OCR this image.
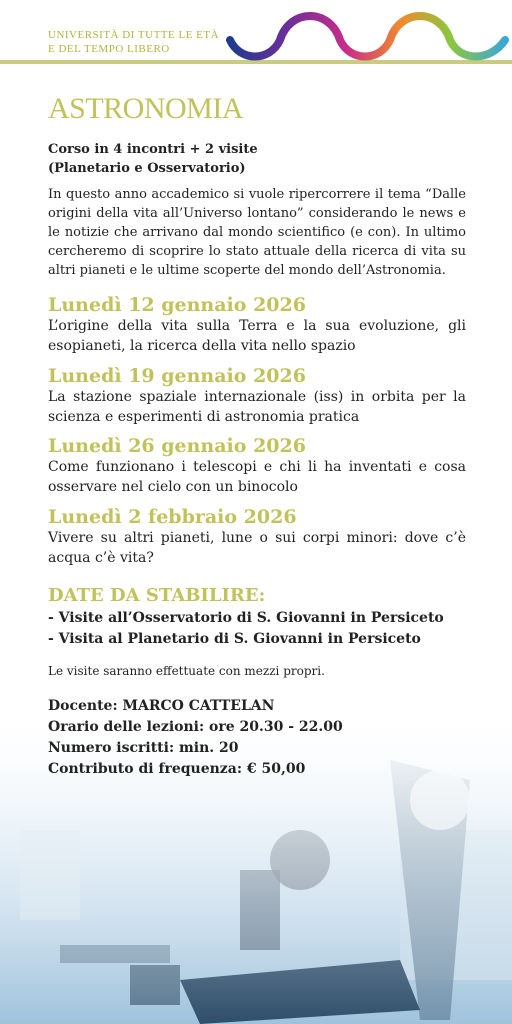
UNIVERSITÀ DI TUTTE LE ETÀ
E DEL TEMPO LIBERO
ASTRONOMIA
Corso in 4 incontri + 2 visite
(Planetario e Osservatorio)
In questo anno accademico si vuole ripercorrere il tema “Dalle origini della vita all’Universo lontano” considerando le news e le notizie che arrivano dal mondo scientifico (e con). In ultimo cercheremo di scoprire lo stato attuale della ricerca di vita su altri pianeti e le ultime scoperte del mondo dell’Astronomia.
Lunedì 12 gennaio 2026
L’origine della vita sulla Terra e la sua evoluzione, gli esopianeti, la ricerca della vita nello spazio
Lunedì 19 gennaio 2026
La stazione spaziale internazionale (iss) in orbita per la scienza e esperimenti di astronomia pratica
Lunedì 26 gennaio 2026
Come funzionano i telescopi e chi li ha inventati e cosa osservare nel cielo con un binocolo
Lunedì 2 febbraio 2026
Vivere su altri pianeti, lune o sui corpi minori: dove c’è acqua c’è vita?
DATE DA STABILIRE:
- Visite all’Osservatorio di S. Giovanni in Persiceto
- Visita al Planetario di S. Giovanni in Persiceto
Le visite saranno effettuate con mezzi propri.
Docente: MARCO CATTELAN
Orario delle lezioni: ore 20.30 - 22.00
Numero iscritti: min. 20
Contributo di frequenza: € 50,00
